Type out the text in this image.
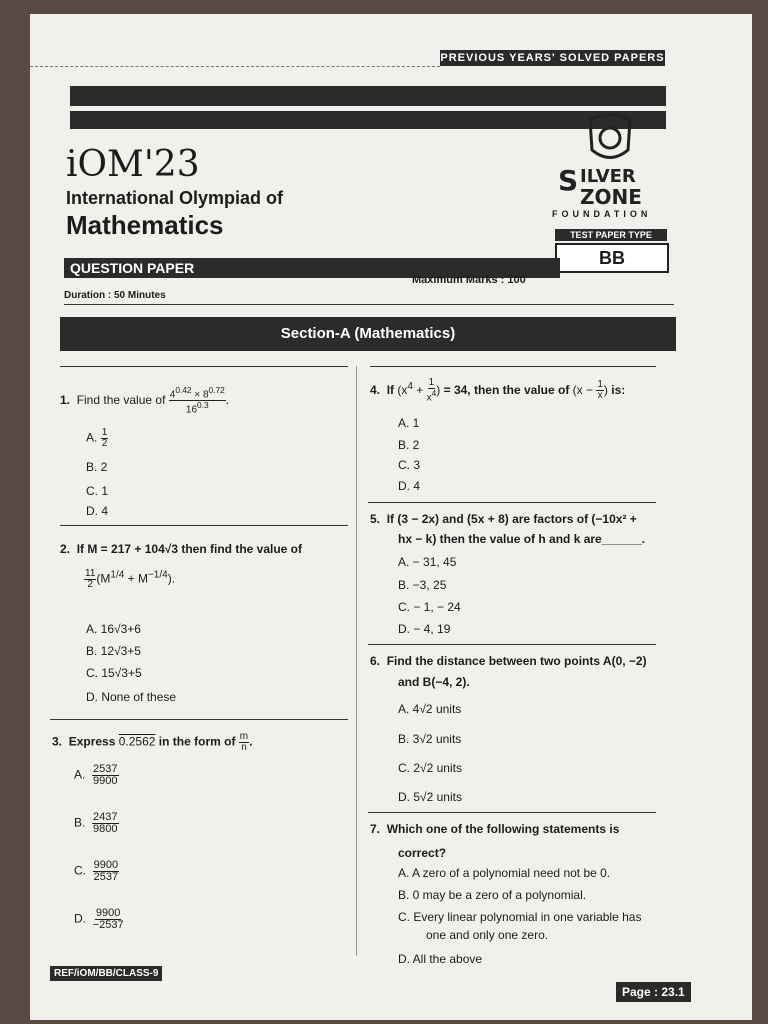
PREVIOUS YEARS' SOLVED PAPERS
iOM'23
International Olympiad of
Mathematics
S ILVER
ZONE
FOUNDATION
TEST PAPER TYPE
BB
QUESTION PAPER
Maximum Marks : 100
Duration : 50 Minutes
Section-A (Mathematics)
1. Find the value of $\frac{4^{0.42} \times 8^{0.72}}{16^{0.3}}$ .
A. $\frac{1}{2}$
B. 2
C. 1
D. 4
2. If M = 217 + 104√3 then find the value of
$\frac{11}{2} (M^{1/4} + M^{-1/4})$.
A. 16√3+6
B. 12√3+5
C. 15√3+5
D. None of these
3. Express 0.2562 in the form of $\frac{m}{n}$ .
A. $\frac{2537}{9900}$
B. $\frac{2437}{9800}$
C. $\frac{9900}{2537}$
D. $\frac{9900}{-2537}$
4. If ($x^4 + \frac{1}{x^4}$ ) = 34, then the value of ($x - \frac{1}{x}$ ) is:
A. 1
B. 2
C. 3
D. 4
5. If (3 − 2x) and (5x + 8) are factors of (−10x² +
hx − k) then the value of h and k are______.
A. − 31, 45
B. −3, 25
C. − 1, − 24
D. − 4, 19
6. Find the distance between two points A(0, −2)
and B(−4, 2).
A. 4√2 units
B. 3√2 units
C. 2√2 units
D. 5√2 units
7. Which one of the following statements is
correct?
A. A zero of a polynomial need not be 0.
B. 0 may be a zero of a polynomial.
C. Every linear polynomial in one variable has
one and only one zero.
D. All the above
REF/iOM/BB/CLASS-9
Page : 23.1
